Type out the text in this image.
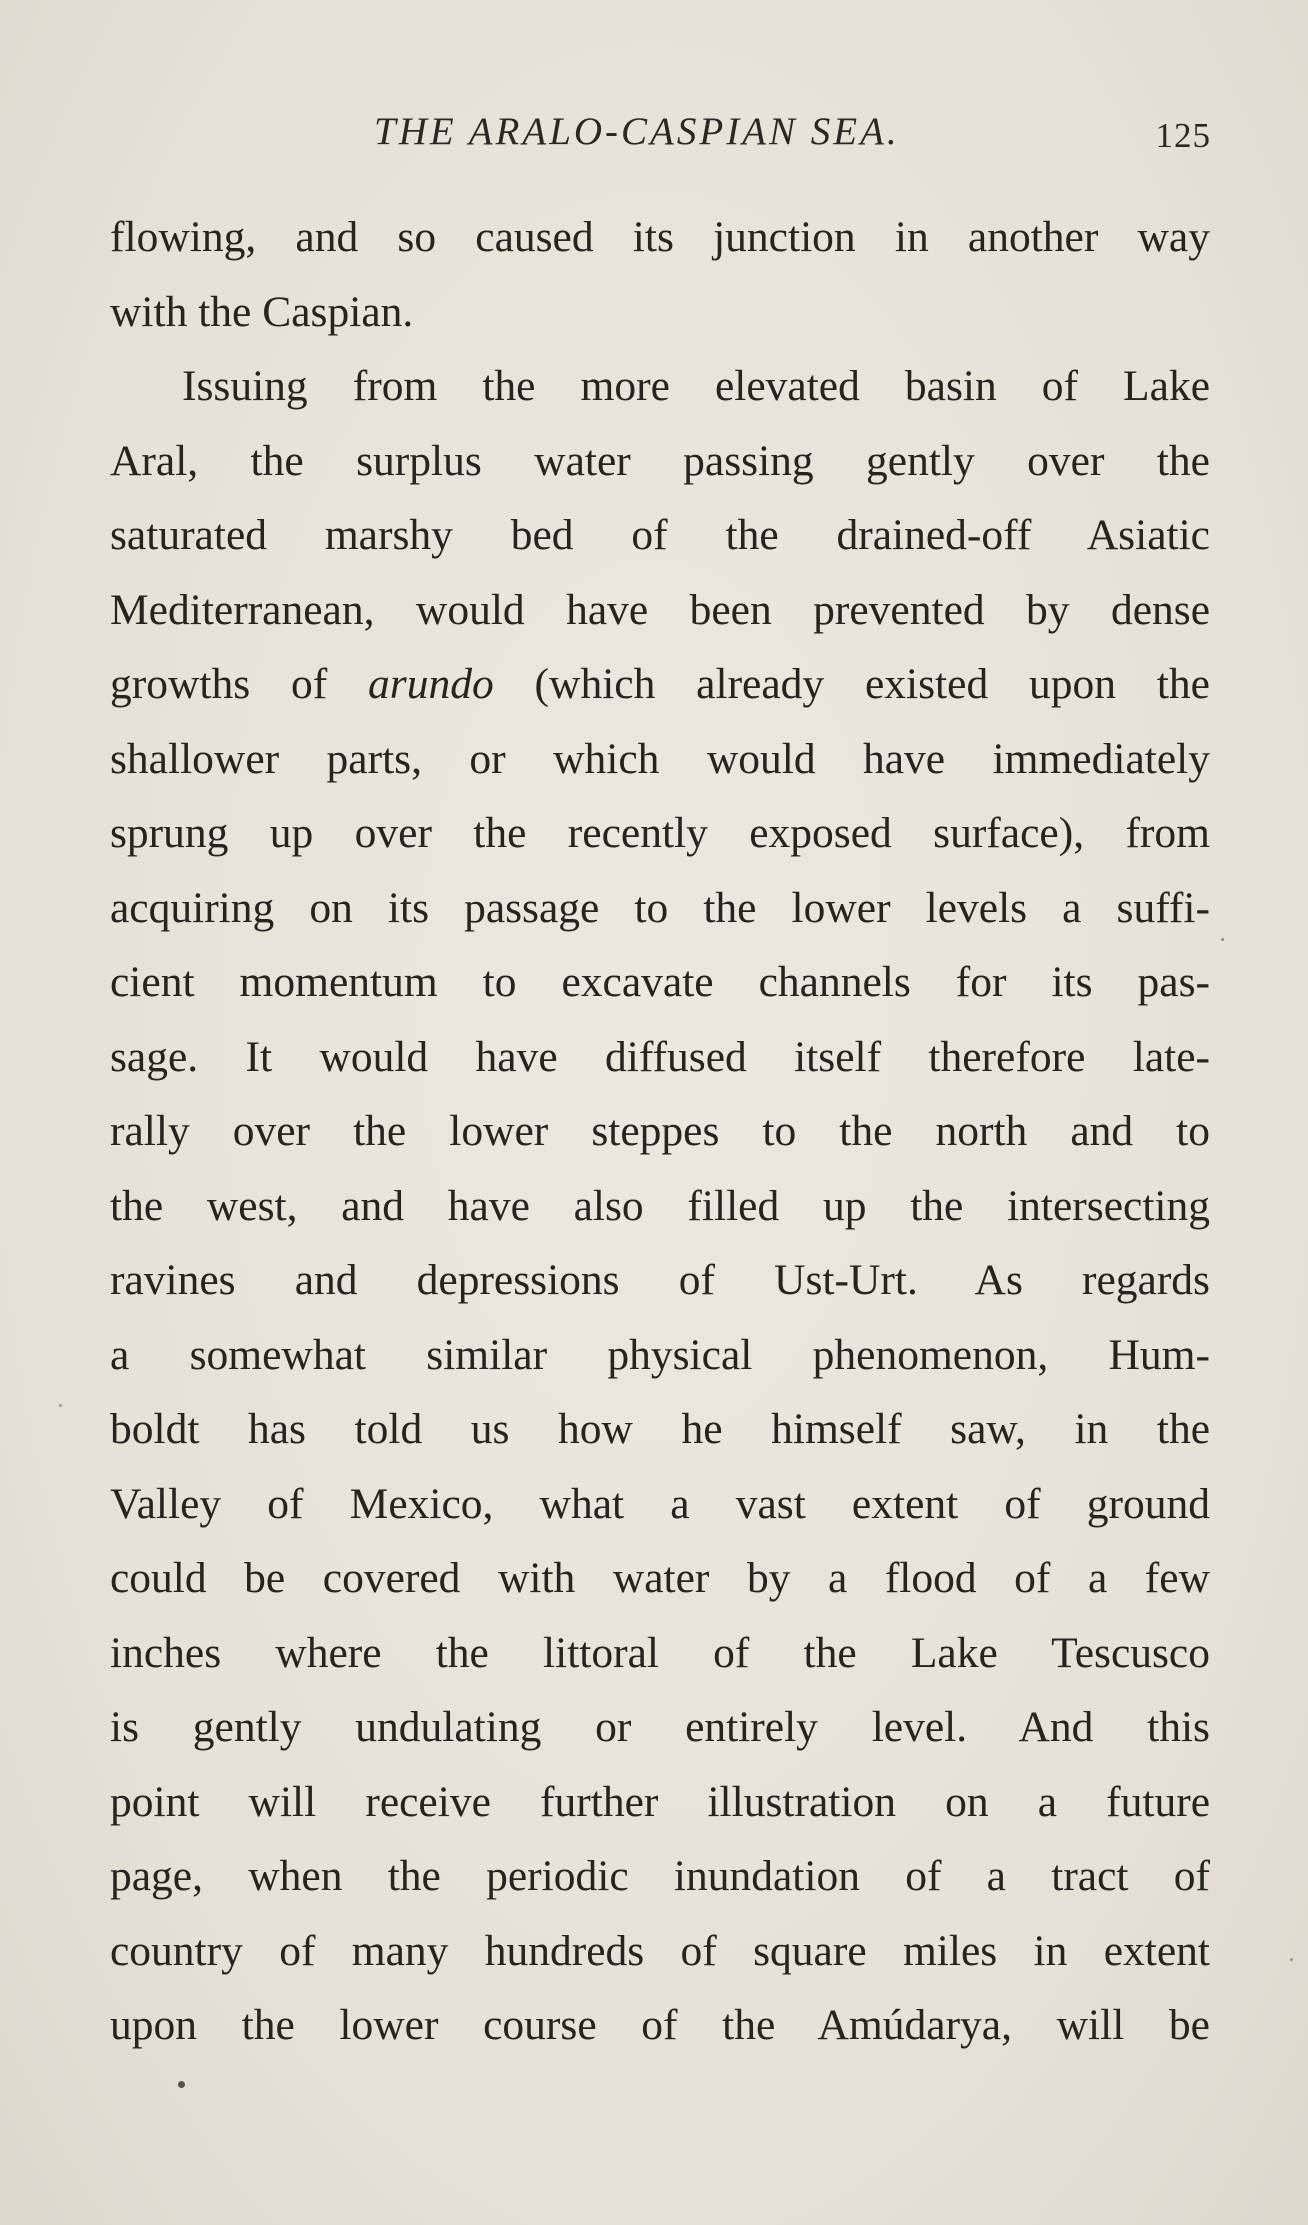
THE ARALO-CASPIAN SEA.	125

flowing, and so caused its junction in another way
with the Caspian.

Issuing from the more elevated basin of Lake
Aral, the surplus water passing gently over the
saturated marshy bed of the drained-off Asiatic
Mediterranean, would have been prevented by dense
growths of arundo (which already existed upon the
shallower parts, or which would have immediately
sprung up over the recently exposed surface), from
acquiring on its passage to the lower levels a suffi-
cient momentum to excavate channels for its pas-
sage. It would have diffused itself therefore late-
rally over the lower steppes to the north and to
the west, and have also filled up the intersecting
ravines and depressions of Ust-Urt. As regards
a somewhat similar physical phenomenon, Hum-
boldt has told us how he himself saw, in the
Valley of Mexico, what a vast extent of ground
could be covered with water by a flood of a few
inches where the littoral of the Lake Tescusco
is gently undulating or entirely level. And this
point will receive further illustration on a future
page, when the periodic inundation of a tract of
country of many hundreds of square miles in extent
upon the lower course of the Amúdarya, will be
